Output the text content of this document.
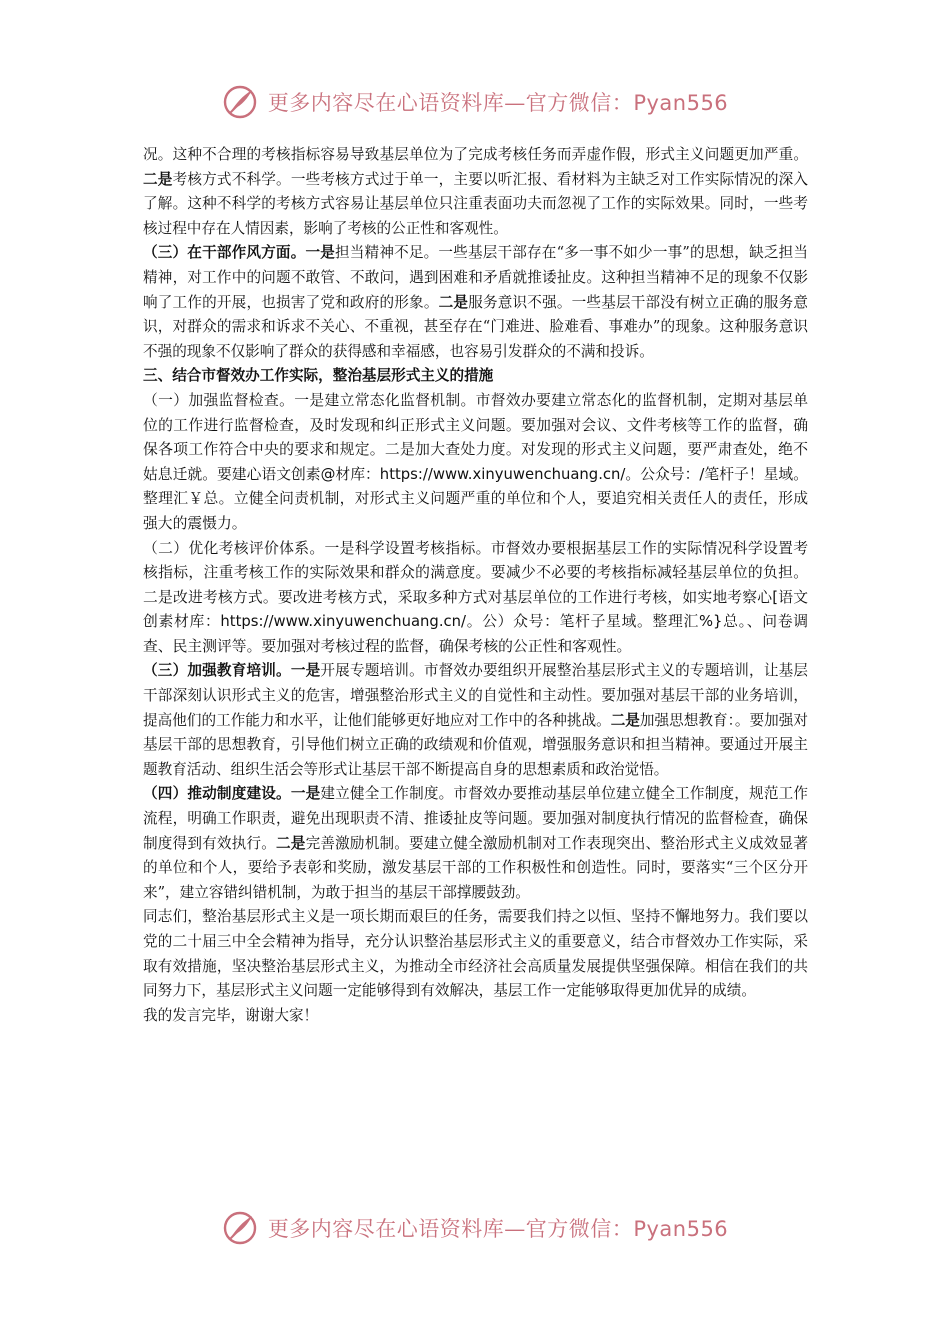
更多内容尽在心语资料库—官方微信：Pyan556

况。这种不合理的考核指标容易导致基层单位为了完成考核任务而弄虚作假，形式主义问题更加严重。二是考核方式不科学。一些考核方式过于单一，主要以听汇报、看材料为主缺乏对工作实际情况的深入了解。这种不科学的考核方式容易让基层单位只注重表面功夫而忽视了工作的实际效果。同时，一些考核过程中存在人情因素，影响了考核的公正性和客观性。

（三）在干部作风方面。一是担当精神不足。一些基层干部存在“多一事不如少一事”的思想，缺乏担当精神，对工作中的问题不敢管、不敢问，遇到困难和矛盾就推诿扯皮。这种担当精神不足的现象不仅影响了工作的开展，也损害了党和政府的形象。二是服务意识不强。一些基层干部没有树立正确的服务意识，对群众的需求和诉求不关心、不重视，甚至存在“门难进、脸难看、事难办”的现象。这种服务意识不强的现象不仅影响了群众的获得感和幸福感，也容易引发群众的不满和投诉。

三、结合市督效办工作实际，整治基层形式主义的措施

（一）加强监督检查。一是建立常态化监督机制。市督效办要建立常态化的监督机制，定期对基层单位的工作进行监督检查，及时发现和纠正形式主义问题。要加强对会议、文件考核等工作的监督，确保各项工作符合中央的要求和规定。二是加大查处力度。对发现的形式主义问题，要严肃查处，绝不姑息迁就。要建心语文创素@材库：https://www.xinyuwenchuang.cn/。公众号：/笔杆子！星域。整理汇￥总。立健全问责机制，对形式主义问题严重的单位和个人，要追究相关责任人的责任，形成强大的震慑力。

（二）优化考核评价体系。一是科学设置考核指标。市督效办要根据基层工作的实际情况科学设置考核指标，注重考核工作的实际效果和群众的满意度。要减少不必要的考核指标减轻基层单位的负担。二是改进考核方式。要改进考核方式，采取多种方式对基层单位的工作进行考核，如实地考察心[语文创素材库：https://www.xinyuwenchuang.cn/。公）众号：笔杆子星域。整理汇%}总。、问卷调查、民主测评等。要加强对考核过程的监督，确保考核的公正性和客观性。

（三）加强教育培训。一是开展专题培训。市督效办要组织开展整治基层形式主义的专题培训，让基层干部深刻认识形式主义的危害，增强整治形式主义的自觉性和主动性。要加强对基层干部的业务培训，提高他们的工作能力和水平，让他们能够更好地应对工作中的各种挑战。二是加强思想教育：。要加强对基层干部的思想教育，引导他们树立正确的政绩观和价值观，增强服务意识和担当精神。要通过开展主题教育活动、组织生活会等形式让基层干部不断提高自身的思想素质和政治觉悟。

（四）推动制度建设。一是建立健全工作制度。市督效办要推动基层单位建立健全工作制度，规范工作流程，明确工作职责，避免出现职责不清、推诿扯皮等问题。要加强对制度执行情况的监督检查，确保制度得到有效执行。二是完善激励机制。要建立健全激励机制对工作表现突出、整治形式主义成效显著的单位和个人，要给予表彰和奖励，激发基层干部的工作积极性和创造性。同时，要落实“三个区分开来”，建立容错纠错机制，为敢于担当的基层干部撑腰鼓劲。

同志们，整治基层形式主义是一项长期而艰巨的任务，需要我们持之以恒、坚持不懈地努力。我们要以党的二十届三中全会精神为指导，充分认识整治基层形式主义的重要意义，结合市督效办工作实际，采取有效措施，坚决整治基层形式主义，为推动全市经济社会高质量发展提供坚强保障。相信在我们的共同努力下，基层形式主义问题一定能够得到有效解决，基层工作一定能够取得更加优异的成绩。

我的发言完毕，谢谢大家！

更多内容尽在心语资料库—官方微信：Pyan556
